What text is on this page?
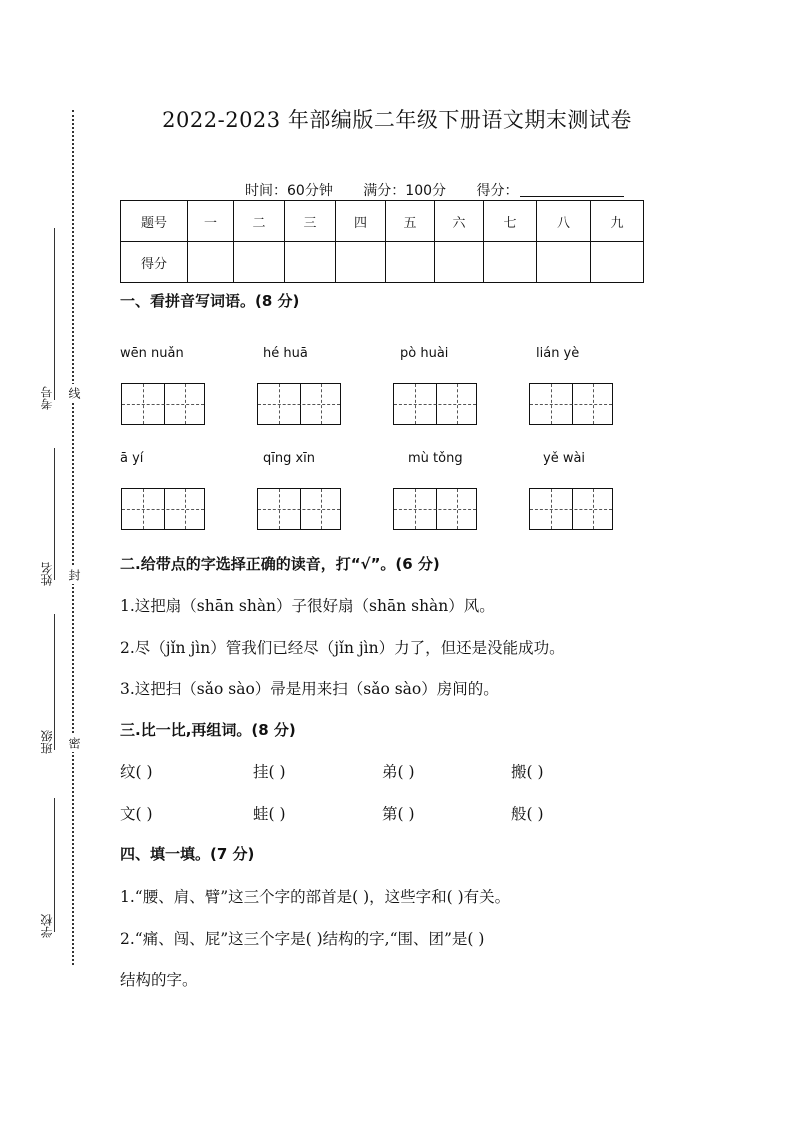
考号 线
姓名 封
班级 密
学校
2022-2023 年部编版二年级下册语文期末测试卷
时间：60分钟 满分：100分 得分：
题号	一	二	三	四	五	六	七	八	九
得分									
一、看拼音写词语。(8 分)
wēn nuǎn	hé huā	pò huài	lián yè
ā yí	qīng xīn	mù tǒng	yě wài
二.给带点的字选择正确的读音，打“√”。(6 分)
1.这把扇（shān shàn）子很好扇（shān shàn）风。
2.尽（jǐn jìn）管我们已经尽（jǐn jìn）力了，但还是没能成功。
3.这把扫（sǎo sào）帚是用来扫（sǎo sào）房间的。
三.比一比,再组词。(8 分)
纹( )	挂( )	弟( )	搬( )
文( )	蛙( )	第( )	般( )
四、填一填。(7 分)
1.“腰、肩、臂”这三个字的部首是( )，这些字和( )有关。
2.“痛、闯、屁”这三个字是( )结构的字,“围、团”是( )
结构的字。
